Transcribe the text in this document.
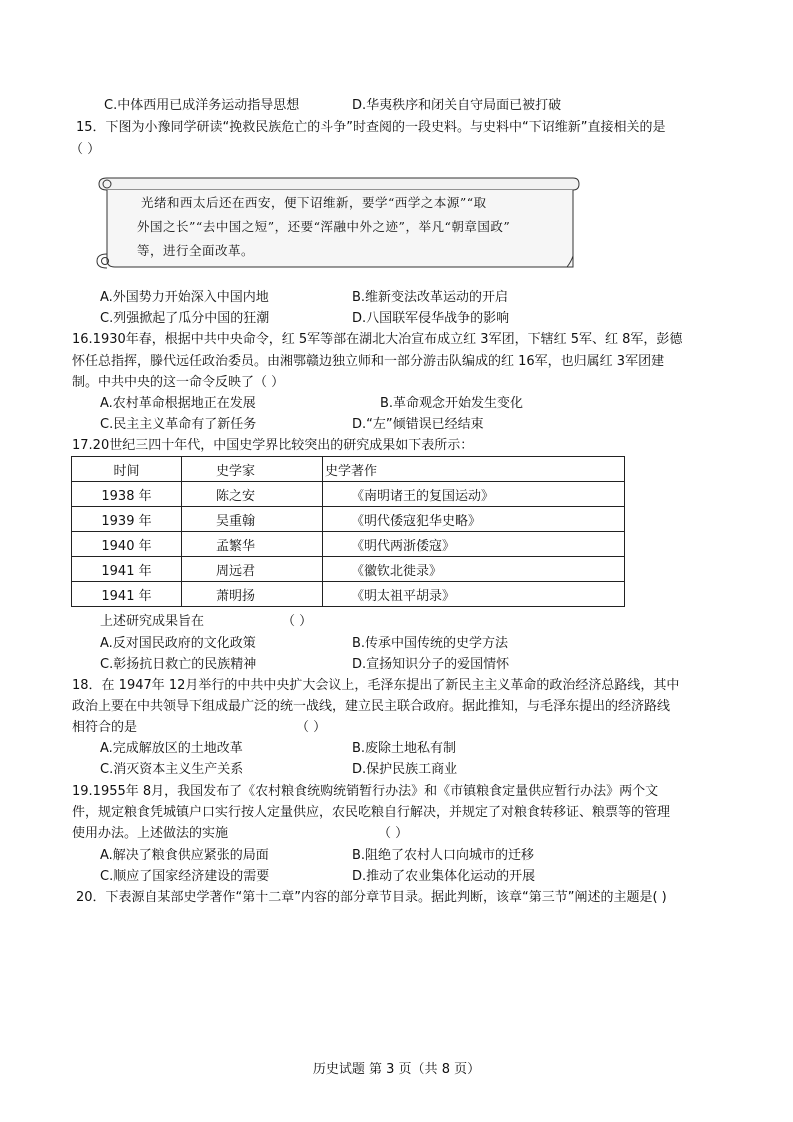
C.中体西用已成洋务运动指导思想	D.华夷秩序和闭关自守局面已被打破
15．下图为小豫同学研读“挽救民族危亡的斗争”时查阅的一段史料。与史料中“下诏维新”直接相关的是
（ ）
光绪和西太后还在西安，便下诏维新，要学“西学之本源”“取
外国之长”“去中国之短”，还要“浑融中外之迹”，举凡“朝章国政”
等，进行全面改革。
A.外国势力开始深入中国内地	B.维新变法改革运动的开启
C.列强掀起了瓜分中国的狂潮	D.八国联军侵华战争的影响
16.1930年春，根据中共中央命令，红 5军等部在湖北大冶宣布成立红 3军团，下辖红 5军、红 8军，彭德
怀任总指挥，滕代远任政治委员。由湘鄂赣边独立师和一部分游击队编成的红 16军，也归属红 3军团建
制。中共中央的这一命令反映了（ ）
A.农村革命根据地正在发展	B.革命观念开始发生变化
C.民主主义革命有了新任务	D.“左”倾错误已经结束
17.20世纪三四十年代，中国史学界比较突出的研究成果如下表所示：
时间	史学家	史学著作
1938 年	陈之安	《南明诸王的复国运动》
1939 年	吴重翰	《明代倭寇犯华史略》
1940 年	孟繁华	《明代两浙倭寇》
1941 年	周远君	《徽钦北徙录》
1941 年	萧明扬	《明太祖平胡录》
上述研究成果旨在	（ ）
A.反对国民政府的文化政策	B.传承中国传统的史学方法
C.彰扬抗日救亡的民族精神	D.宣扬知识分子的爱国情怀
18．在 1947年 12月举行的中共中央扩大会议上，毛泽东提出了新民主主义革命的政治经济总路线，其中
政治上要在中共领导下组成最广泛的统一战线，建立民主联合政府。据此推知，与毛泽东提出的经济路线
相符合的是	（ ）
A.完成解放区的土地改革	B.废除土地私有制
C.消灭资本主义生产关系	D.保护民族工商业
19.1955年 8月，我国发布了《农村粮食统购统销暂行办法》和《市镇粮食定量供应暂行办法》两个文
件，规定粮食凭城镇户口实行按人定量供应，农民吃粮自行解决，并规定了对粮食转移证、粮票等的管理
使用办法。上述做法的实施	（ ）
A.解决了粮食供应紧张的局面	B.阻绝了农村人口向城市的迁移
C.顺应了国家经济建设的需要	D.推动了农业集体化运动的开展
20．下表源自某部史学著作“第十二章”内容的部分章节目录。据此判断，该章“第三节”阐述的主题是( )
历史试题 第 3 页（共 8 页）
